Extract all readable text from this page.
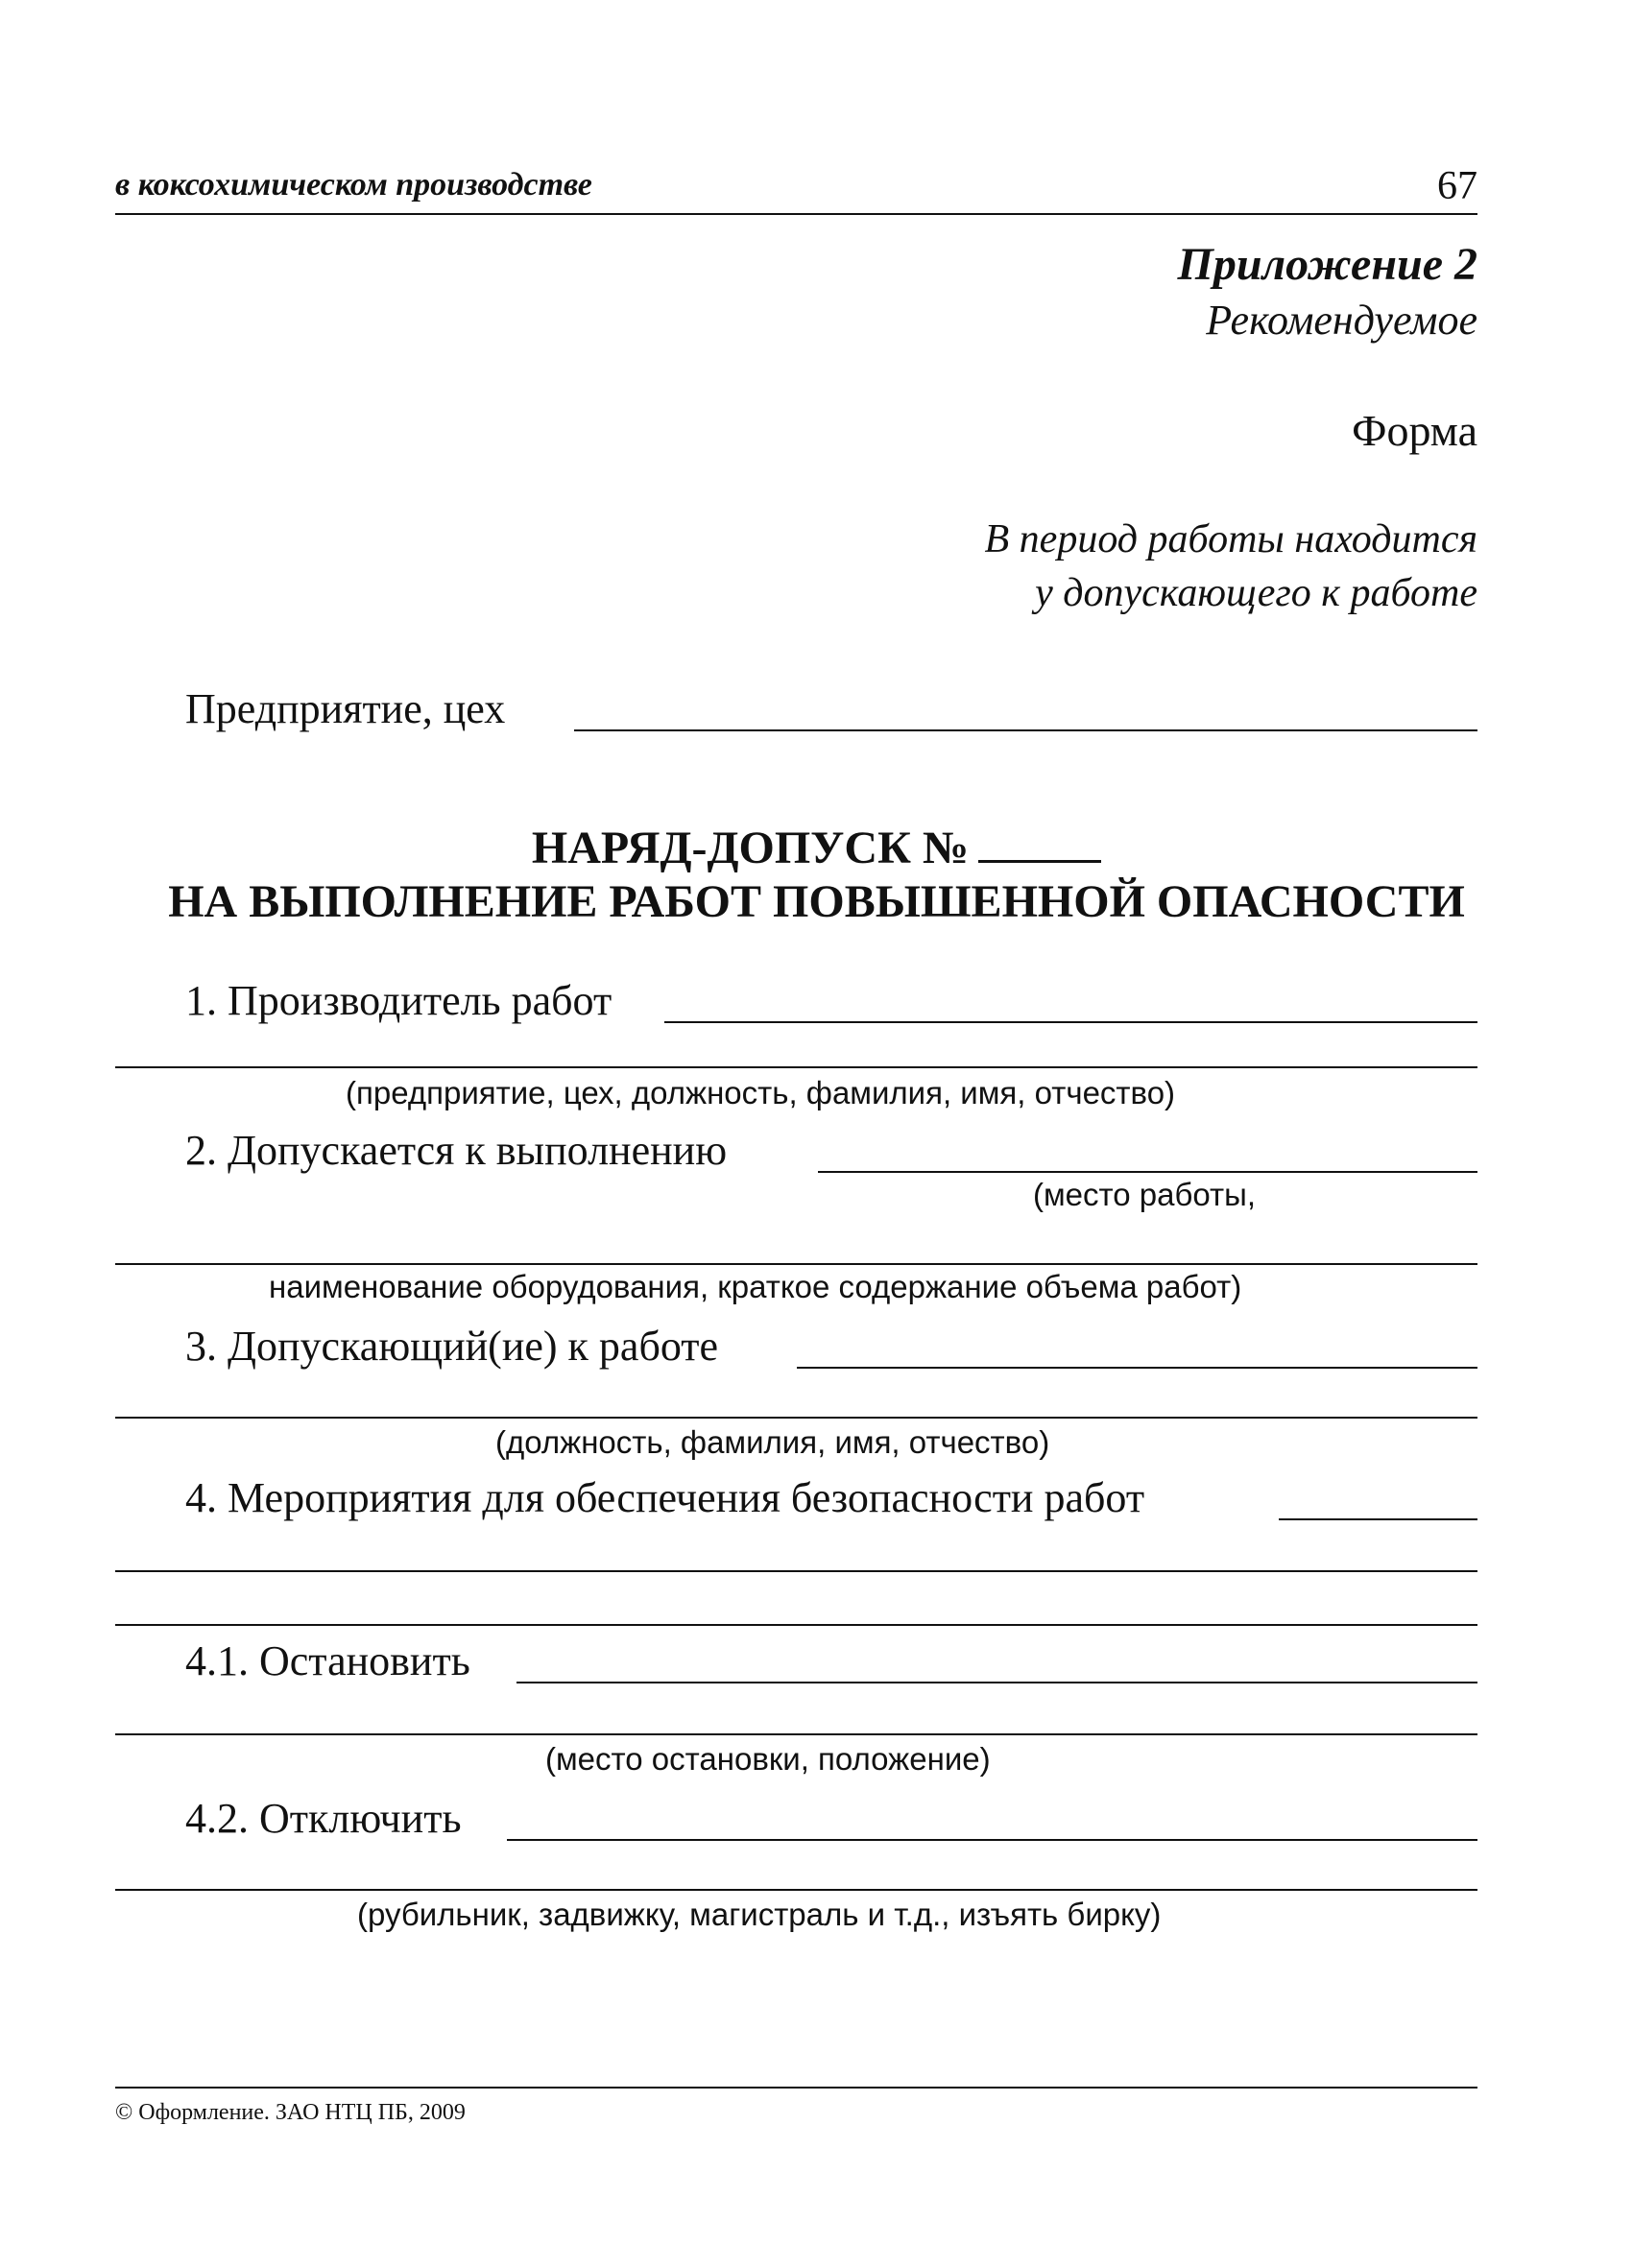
в коксохимическом производстве	67
Приложение 2
Рекомендуемое
Форма
В период работы находится
у допускающего к работе
Предприятие, цех
НАРЯД-ДОПУСК №
НА ВЫПОЛНЕНИЕ РАБОТ ПОВЫШЕННОЙ ОПАСНОСТИ
1. Производитель работ
(предприятие, цех, должность, фамилия, имя, отчество)
2. Допускается к выполнению
(место работы,
наименование оборудования, краткое содержание объема работ)
3. Допускающий(ие) к работе
(должность, фамилия, имя, отчество)
4. Мероприятия для обеспечения безопасности работ
4.1. Остановить
(место остановки, положение)
4.2. Отключить
(рубильник, задвижку, магистраль и т.д., изъять бирку)
© Оформление. ЗАО НТЦ ПБ, 2009
